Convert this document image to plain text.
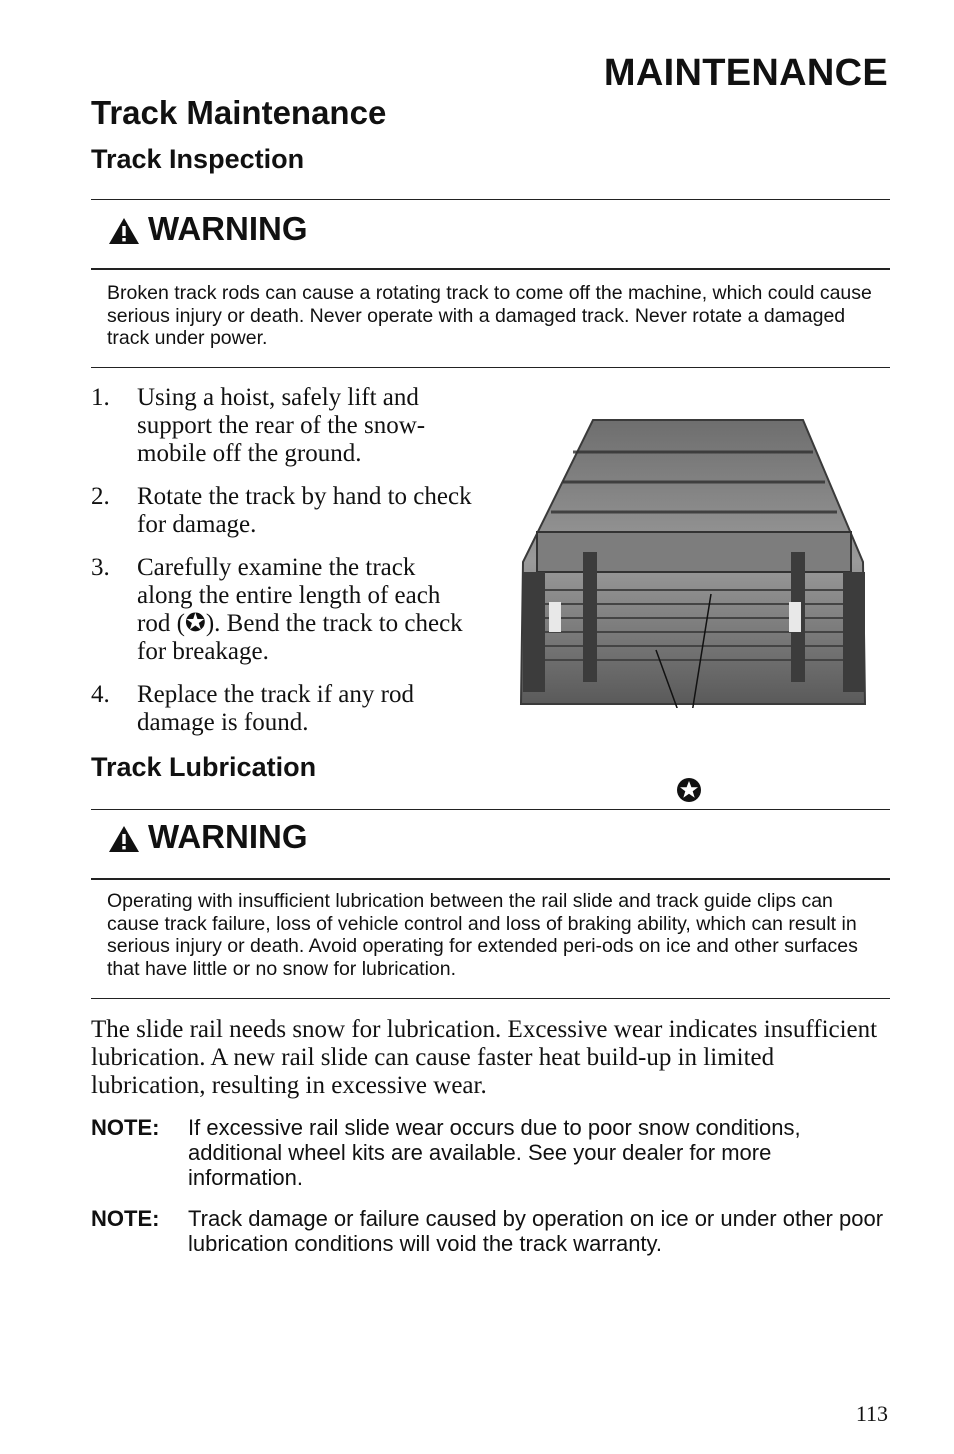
MAINTENANCE
Track Maintenance
Track Inspection
WARNING
Broken track rods can cause a rotating track to come off the machine, which could cause serious injury or death. Never operate with a damaged track. Never rotate a damaged track under power.
1. Using a hoist, safely lift and support the rear of the snow-mobile off the ground.
2. Rotate the track by hand to check for damage.
3. Carefully examine the track along the entire length of each rod (✪). Bend the track to check for breakage.
4. Replace the track if any rod damage is found.
Track Lubrication
WARNING
Operating with insufficient lubrication between the rail slide and track guide clips can cause track failure, loss of vehicle control and loss of braking ability, which can result in serious injury or death. Avoid operating for extended peri-ods on ice and other surfaces that have little or no snow for lubrication.
The slide rail needs snow for lubrication. Excessive wear indicates insufficient lubrication. A new rail slide can cause faster heat build-up in limited lubrication, resulting in excessive wear.
NOTE: If excessive rail slide wear occurs due to poor snow conditions, additional wheel kits are available. See your dealer for more information.
NOTE: Track damage or failure caused by operation on ice or under other poor lubrication conditions will void the track warranty.
113
